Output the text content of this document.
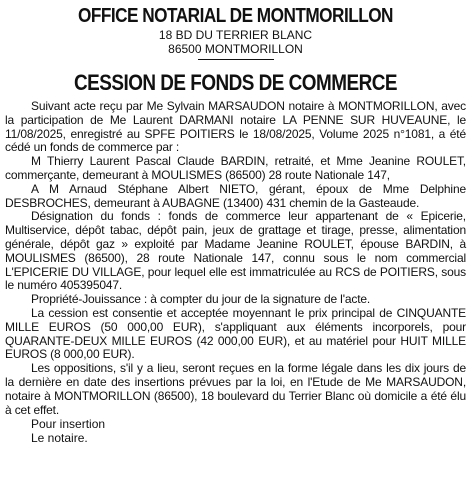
OFFICE NOTARIAL DE MONTMORILLON

18 BD DU TERRIER BLANC

86500 MONTMORILLON

CESSION DE FONDS DE COMMERCE

Suivant acte reçu par Me Sylvain MARSAUDON notaire à MONTMORILLON, avec la participation de Me Laurent DARMANI notaire LA PENNE SUR HUVEAUNE, le 11/08/2025, enregistré au SPFE POITIERS le 18/08/2025, Volume 2025 n°1081, a été cédé un fonds de commerce par :

M Thierry Laurent Pascal Claude BARDIN, retraité, et Mme Jeanine ROULET, commerçante, demeurant à MOULISMES (86500) 28 route Nationale 147,

A M Arnaud Stéphane Albert NIETO, gérant, époux de Mme Delphine DESBROCHES, demeurant à AUBAGNE (13400) 431 chemin de la Gasteaude.

Désignation du fonds : fonds de commerce leur appartenant de « Epicerie, Multiservice, dépôt tabac, dépôt pain, jeux de grattage et tirage, presse, alimentation générale, dépôt gaz » exploité par Madame Jeanine ROULET, épouse BARDIN, à MOULISMES (86500), 28 route Nationale 147, connu sous le nom commercial L'EPICERIE DU VILLAGE, pour lequel elle est immatriculée au RCS de POITIERS, sous le numéro 405395047.

Propriété-Jouissance : à compter du jour de la signature de l'acte.

La cession est consentie et acceptée moyennant le prix principal de CINQUANTE MILLE EUROS (50 000,00 EUR), s'appliquant aux éléments incorporels, pour QUARANTE-DEUX MILLE EUROS (42 000,00 EUR), et au matériel pour HUIT MILLE EUROS (8 000,00 EUR).

Les oppositions, s'il y a lieu, seront reçues en la forme légale dans les dix jours de la dernière en date des insertions prévues par la loi, en l'Etude de Me MARSAUDON, notaire à MONTMORILLON (86500), 18 boulevard du Terrier Blanc où domicile a été élu à cet effet.

Pour insertion

Le notaire.
